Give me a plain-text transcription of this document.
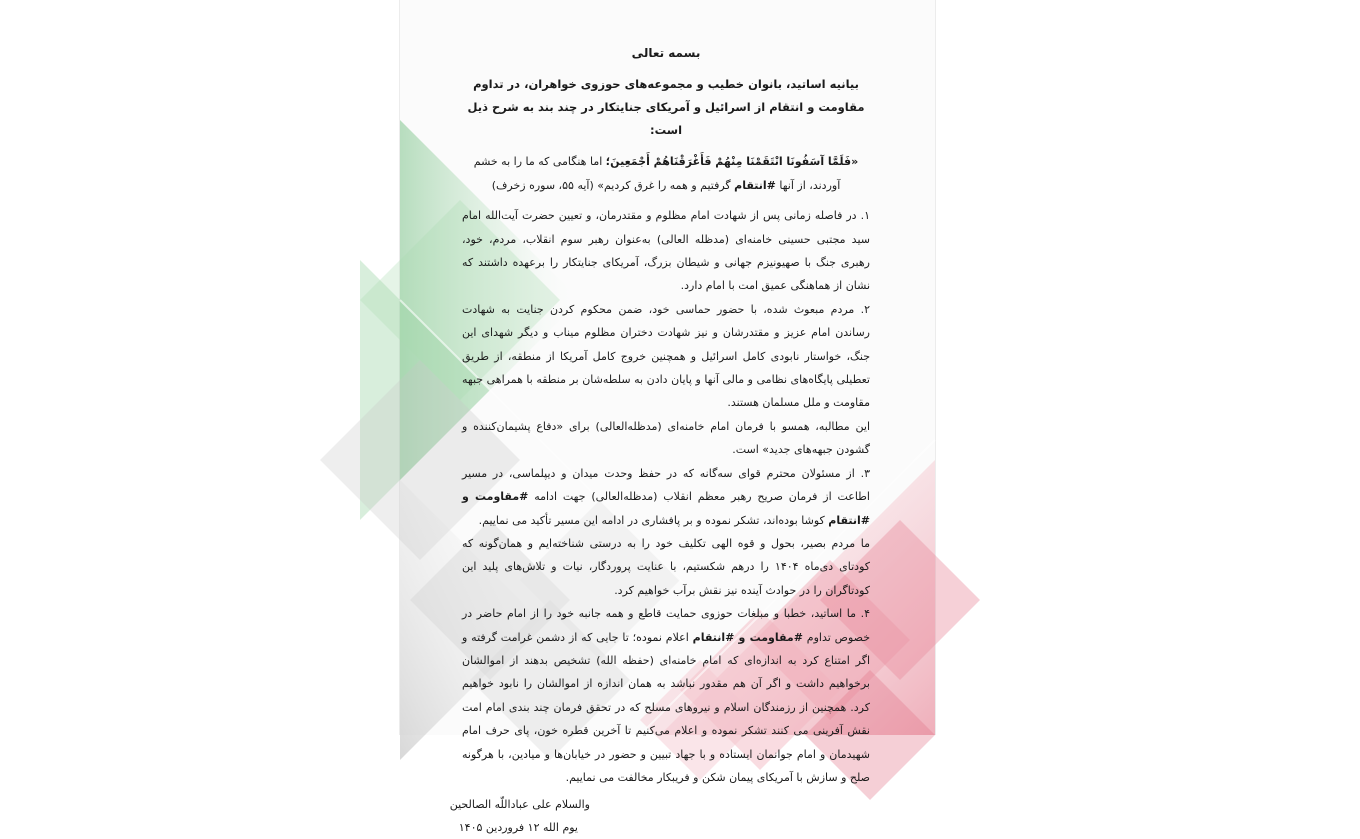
بسمه تعالی
بیانیه اساتید، بانوان خطیب و مجموعه‌های حوزوی خواهران، در تداوم
مقاومت و انتقام از اسرائیل و آمریکای جنایتکار در چند بند به شرح ذیل است:

«فَلَمَّا آسَفُونَا انْتَقَمْنَا مِنْهُمْ فَأَغْرَقْنَاهُمْ أَجْمَعِينَ؛ اما هنگامی که ما را به خشم آوردند، از آنها #انتقام گرفتیم و همه را غرق کردیم» (آیه ۵۵، سوره زخرف)

۱. در فاصله زمانی پس از شهادت امام مظلوم و مقتدرمان، و تعیین حضرت آیت‌الله امام سید مجتبی حسینی خامنه‌ای (مدظله العالی) به‌عنوان رهبر سوم انقلاب، مردم، خود، رهبری جنگ با صهیونیزم جهانی و شیطان بزرگ، آمریکای جنایتکار را برعهده داشتند که نشان از هماهنگی عمیق امت با امام دارد.

۲. مردم مبعوث شده، با حضور حماسی خود، ضمن محکوم کردن جنایت به شهادت رساندن امام عزیز و مقتدرشان و نیز شهادت دختران مظلوم میناب و دیگر شهدای این جنگ، خواستار نابودی کامل اسرائیل و همچنین خروج کامل آمریکا از منطقه، از طریق تعطیلی پایگاه‌های نظامی و مالی آنها و پایان دادن به سلطه‌شان بر منطقه با همراهی جبهه مقاومت و ملل مسلمان هستند.

این مطالبه، همسو با فرمان امام خامنه‌ای (مدظله‌العالی) برای «دفاع پشیمان‌کننده و گشودن جبهه‌های جدید» است.

۳. از مسئولان محترم قوای سه‌گانه که در حفظ وحدت میدان و دیپلماسی، در مسیر اطاعت از فرمان صریح رهبر معظم انقلاب (مدظله‌العالی) جهت ادامه #مقاومت و #انتقام کوشا بوده‌اند، تشکر نموده و بر پافشاری در ادامه این مسیر تأکید می نماییم.

ما مردم بصیر، بحول و قوه الهی تکلیف خود را به درستی شناخته‌ایم و همان‌گونه که کودتای دی‌ماه ۱۴۰۴ را درهم شکستیم، با عنایت پروردگار، نیات و تلاش‌های پلید این کودتاگران را در حوادث آینده نیز نقش برآب خواهیم کرد.

۴. ما اساتید، خطبا و مبلغات حوزوی حمایت قاطع و همه جانبه خود را از امام حاضر در خصوص تداوم #مقاومت و #انتقام اعلام نموده؛ تا جایی که از دشمن غرامت گرفته و اگر امتناع کرد به اندازه‌ای که امام خامنه‌ای (حفظه الله) تشخیص بدهند از اموالشان برخواهیم داشت و اگر آن هم مقدور نباشد به همان اندازه از اموالشان را نابود خواهیم کرد. همچنین از رزمندگان اسلام و نیروهای مسلح که در تحقق فرمان چند بندی امام امت نقش آفرینی می کنند تشکر نموده و اعلام می‌کنیم تا آخرین قطره خون، پای حرف امام شهیدمان و امام جوانمان ایستاده و با جهاد تبیین و حضور در خیابان‌ها و میادین، با هرگونه صلح و سازش با آمریکای پیمان شکن و فریبکار مخالفت می نماییم.

والسلام علی عباداللّه الصالحین
یوم الله ۱۲ فروردین ۱۴۰۵
